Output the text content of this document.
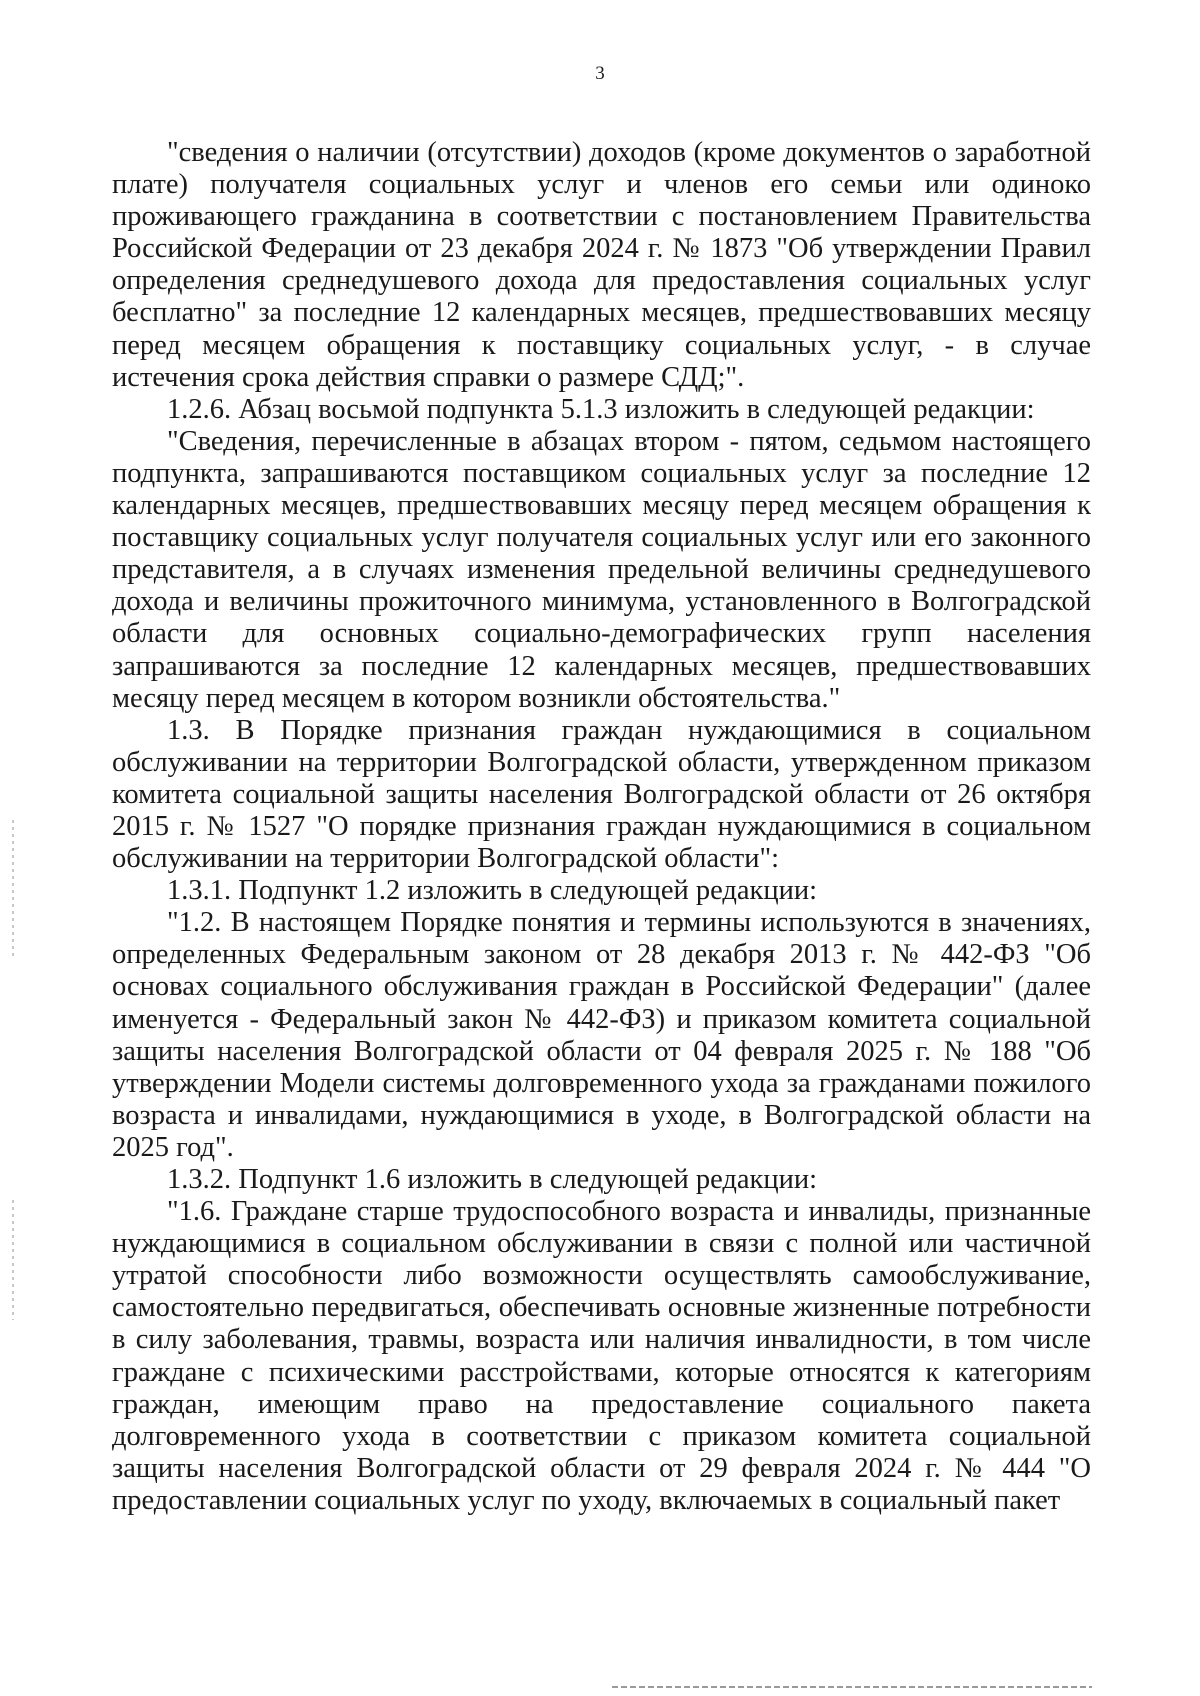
3

"сведения о наличии (отсутствии) доходов (кроме документов о заработной плате) получателя социальных услуг и членов его семьи или одиноко проживающего гражданина в соответствии с постановлением Правительства Российской Федерации от 23 декабря 2024 г. № 1873 "Об утверждении Правил определения среднедушевого дохода для предоставления социальных услуг бесплатно" за последние 12 календарных месяцев, предшествовавших месяцу перед месяцем обращения к поставщику социальных услуг, - в случае истечения срока действия справки о размере СДД;".

1.2.6. Абзац восьмой подпункта 5.1.3 изложить в следующей редакции:

"Сведения, перечисленные в абзацах втором - пятом, седьмом настоящего подпункта, запрашиваются поставщиком социальных услуг за последние 12 календарных месяцев, предшествовавших месяцу перед месяцем обращения к поставщику социальных услуг получателя социальных услуг или его законного представителя, а в случаях изменения предельной величины среднедушевого дохода и величины прожиточного минимума, установленного в Волгоградской области для основных социально-демографических групп населения запрашиваются за последние 12 календарных месяцев, предшествовавших месяцу перед месяцем в котором возникли обстоятельства."

1.3. В Порядке признания граждан нуждающимися в социальном обслуживании на территории Волгоградской области, утвержденном приказом комитета социальной защиты населения Волгоградской области от 26 октября 2015 г. № 1527 "О порядке признания граждан нуждающимися в социальном обслуживании на территории Волгоградской области":

1.3.1. Подпункт 1.2 изложить в следующей редакции:

"1.2. В настоящем Порядке понятия и термины используются в значениях, определенных Федеральным законом от 28 декабря 2013 г. № 442-ФЗ "Об основах социального обслуживания граждан в Российской Федерации" (далее именуется - Федеральный закон № 442-ФЗ) и приказом комитета социальной защиты населения Волгоградской области от 04 февраля 2025 г. № 188 "Об утверждении Модели системы долговременного ухода за гражданами пожилого возраста и инвалидами, нуждающимися в уходе, в Волгоградской области на 2025 год".

1.3.2. Подпункт 1.6 изложить в следующей редакции:

"1.6. Граждане старше трудоспособного возраста и инвалиды, признанные нуждающимися в социальном обслуживании в связи с полной или частичной утратой способности либо возможности осуществлять самообслуживание, самостоятельно передвигаться, обеспечивать основные жизненные потребности в силу заболевания, травмы, возраста или наличия инвалидности, в том числе граждане с психическими расстройствами, которые относятся к категориям граждан, имеющим право на предоставление социального пакета долговременного ухода в соответствии с приказом комитета социальной защиты населения Волгоградской области от 29 февраля 2024 г. № 444 "О предоставлении социальных услуг по уходу, включаемых в социальный пакет
